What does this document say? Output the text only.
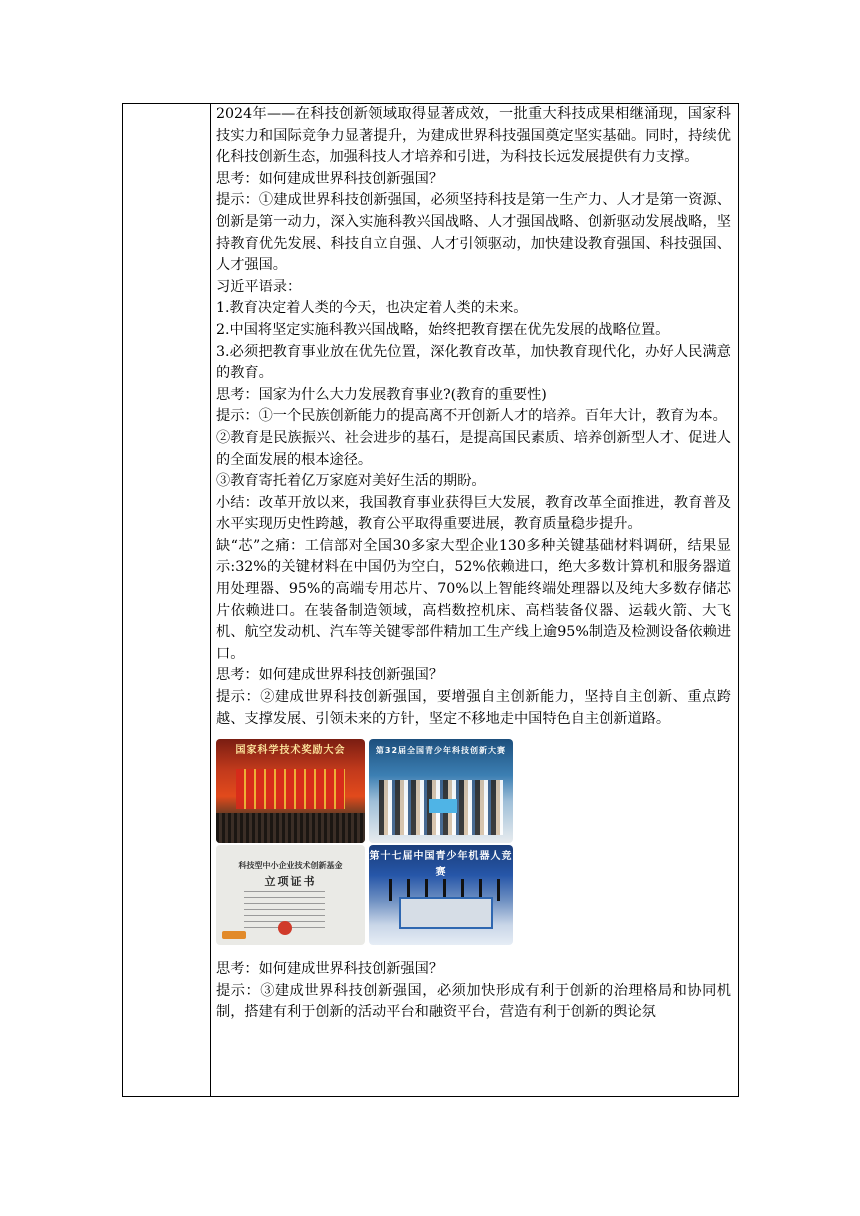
2024年——在科技创新领域取得显著成效，一批重大科技成果相继涌现，国家科技实力和国际竞争力显著提升，为建成世界科技强国奠定坚实基础。同时，持续优化科技创新生态，加强科技人才培养和引进，为科技长远发展提供有力支撑。

思考：如何建成世界科技创新强国？

提示：①建成世界科技创新强国，必须坚持科技是第一生产力、人才是第一资源、创新是第一动力，深入实施科教兴国战略、人才强国战略、创新驱动发展战略，坚持教育优先发展、科技自立自强、人才引领驱动，加快建设教育强国、科技强国、人才强国。

习近平语录：

1.教育决定着人类的今天，也决定着人类的未来。

2.中国将坚定实施科教兴国战略，始终把教育摆在优先发展的战略位置。

3.必须把教育事业放在优先位置，深化教育改革，加快教育现代化，办好人民满意的教育。

思考：国家为什么大力发展教育事业?(教育的重要性)

提示：①一个民族创新能力的提高离不开创新人才的培养。百年大计，教育为本。

②教育是民族振兴、社会进步的基石，是提高国民素质、培养创新型人才、促进人的全面发展的根本途径。

③教育寄托着亿万家庭对美好生活的期盼。

小结：改革开放以来，我国教育事业获得巨大发展，教育改革全面推进，教育普及水平实现历史性跨越，教育公平取得重要进展，教育质量稳步提升。

缺“芯”之痛：工信部对全国30多家大型企业130多种关键基础材料调研，结果显示:32%的关键材料在中国仍为空白，52%依赖进口，绝大多数计算机和服务器道用处理器、95%的高端专用芯片、70%以上智能终端处理器以及纯大多数存储芯片依赖进口。在装备制造领域，高档数控机床、高档装备仪器、运载火箭、大飞机、航空发动机、汽车等关键零部件精加工生产线上逾95%制造及检测设备依赖进口。

思考：如何建成世界科技创新强国？

提示：②建成世界科技创新强国，要增强自主创新能力，坚持自主创新、重点跨越、支撑发展、引领未来的方针，坚定不移地走中国特色自主创新道路。

国家科学技术奖励大会	第32届全国青少年科技创新大赛
科技型中小企业技术创新基金
立项证书
第十七届中国青少年机器人竞赛

思考：如何建成世界科技创新强国？

提示：③建成世界科技创新强国，必须加快形成有利于创新的治理格局和协同机制，搭建有利于创新的活动平台和融资平台，营造有利于创新的舆论氛
